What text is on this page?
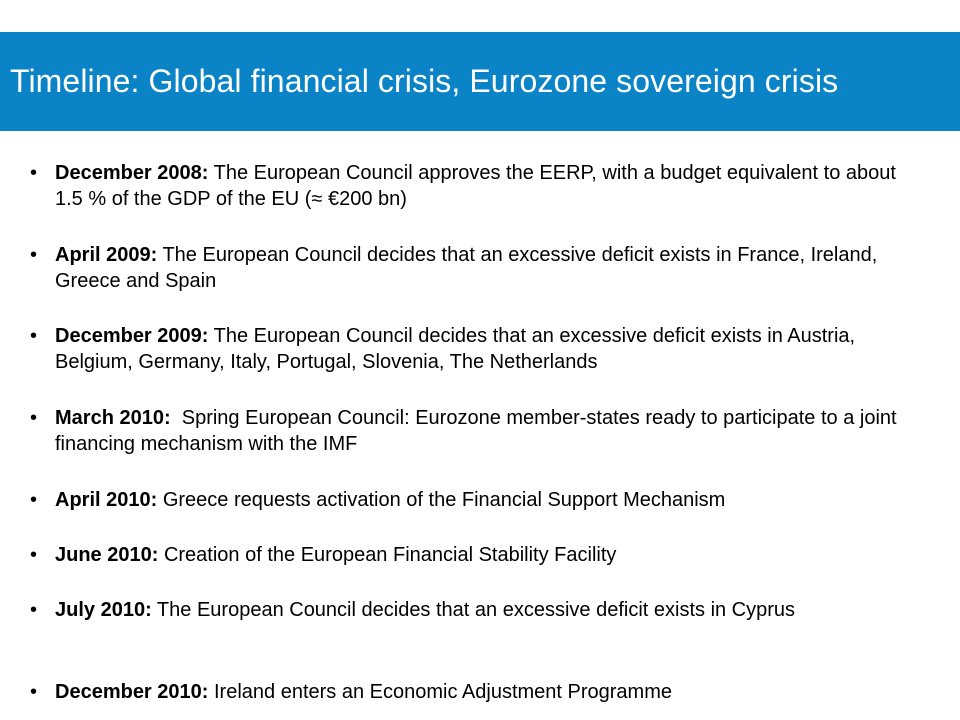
Timeline: Global financial crisis, Eurozone sovereign crisis
• December 2008: The European Council approves the EERP, with a budget equivalent to about 1.5 % of the GDP of the EU (≈ €200 bn)
• April 2009: The European Council decides that an excessive deficit exists in France, Ireland, Greece and Spain
• December 2009: The European Council decides that an excessive deficit exists in Austria, Belgium, Germany, Italy, Portugal, Slovenia, The Netherlands
• March 2010:  Spring European Council: Eurozone member-states ready to participate to a joint financing mechanism with the IMF
• April 2010: Greece requests activation of the Financial Support Mechanism
• June 2010: Creation of the European Financial Stability Facility
• July 2010: The European Council decides that an excessive deficit exists in Cyprus
• December 2010: Ireland enters an Economic Adjustment Programme
